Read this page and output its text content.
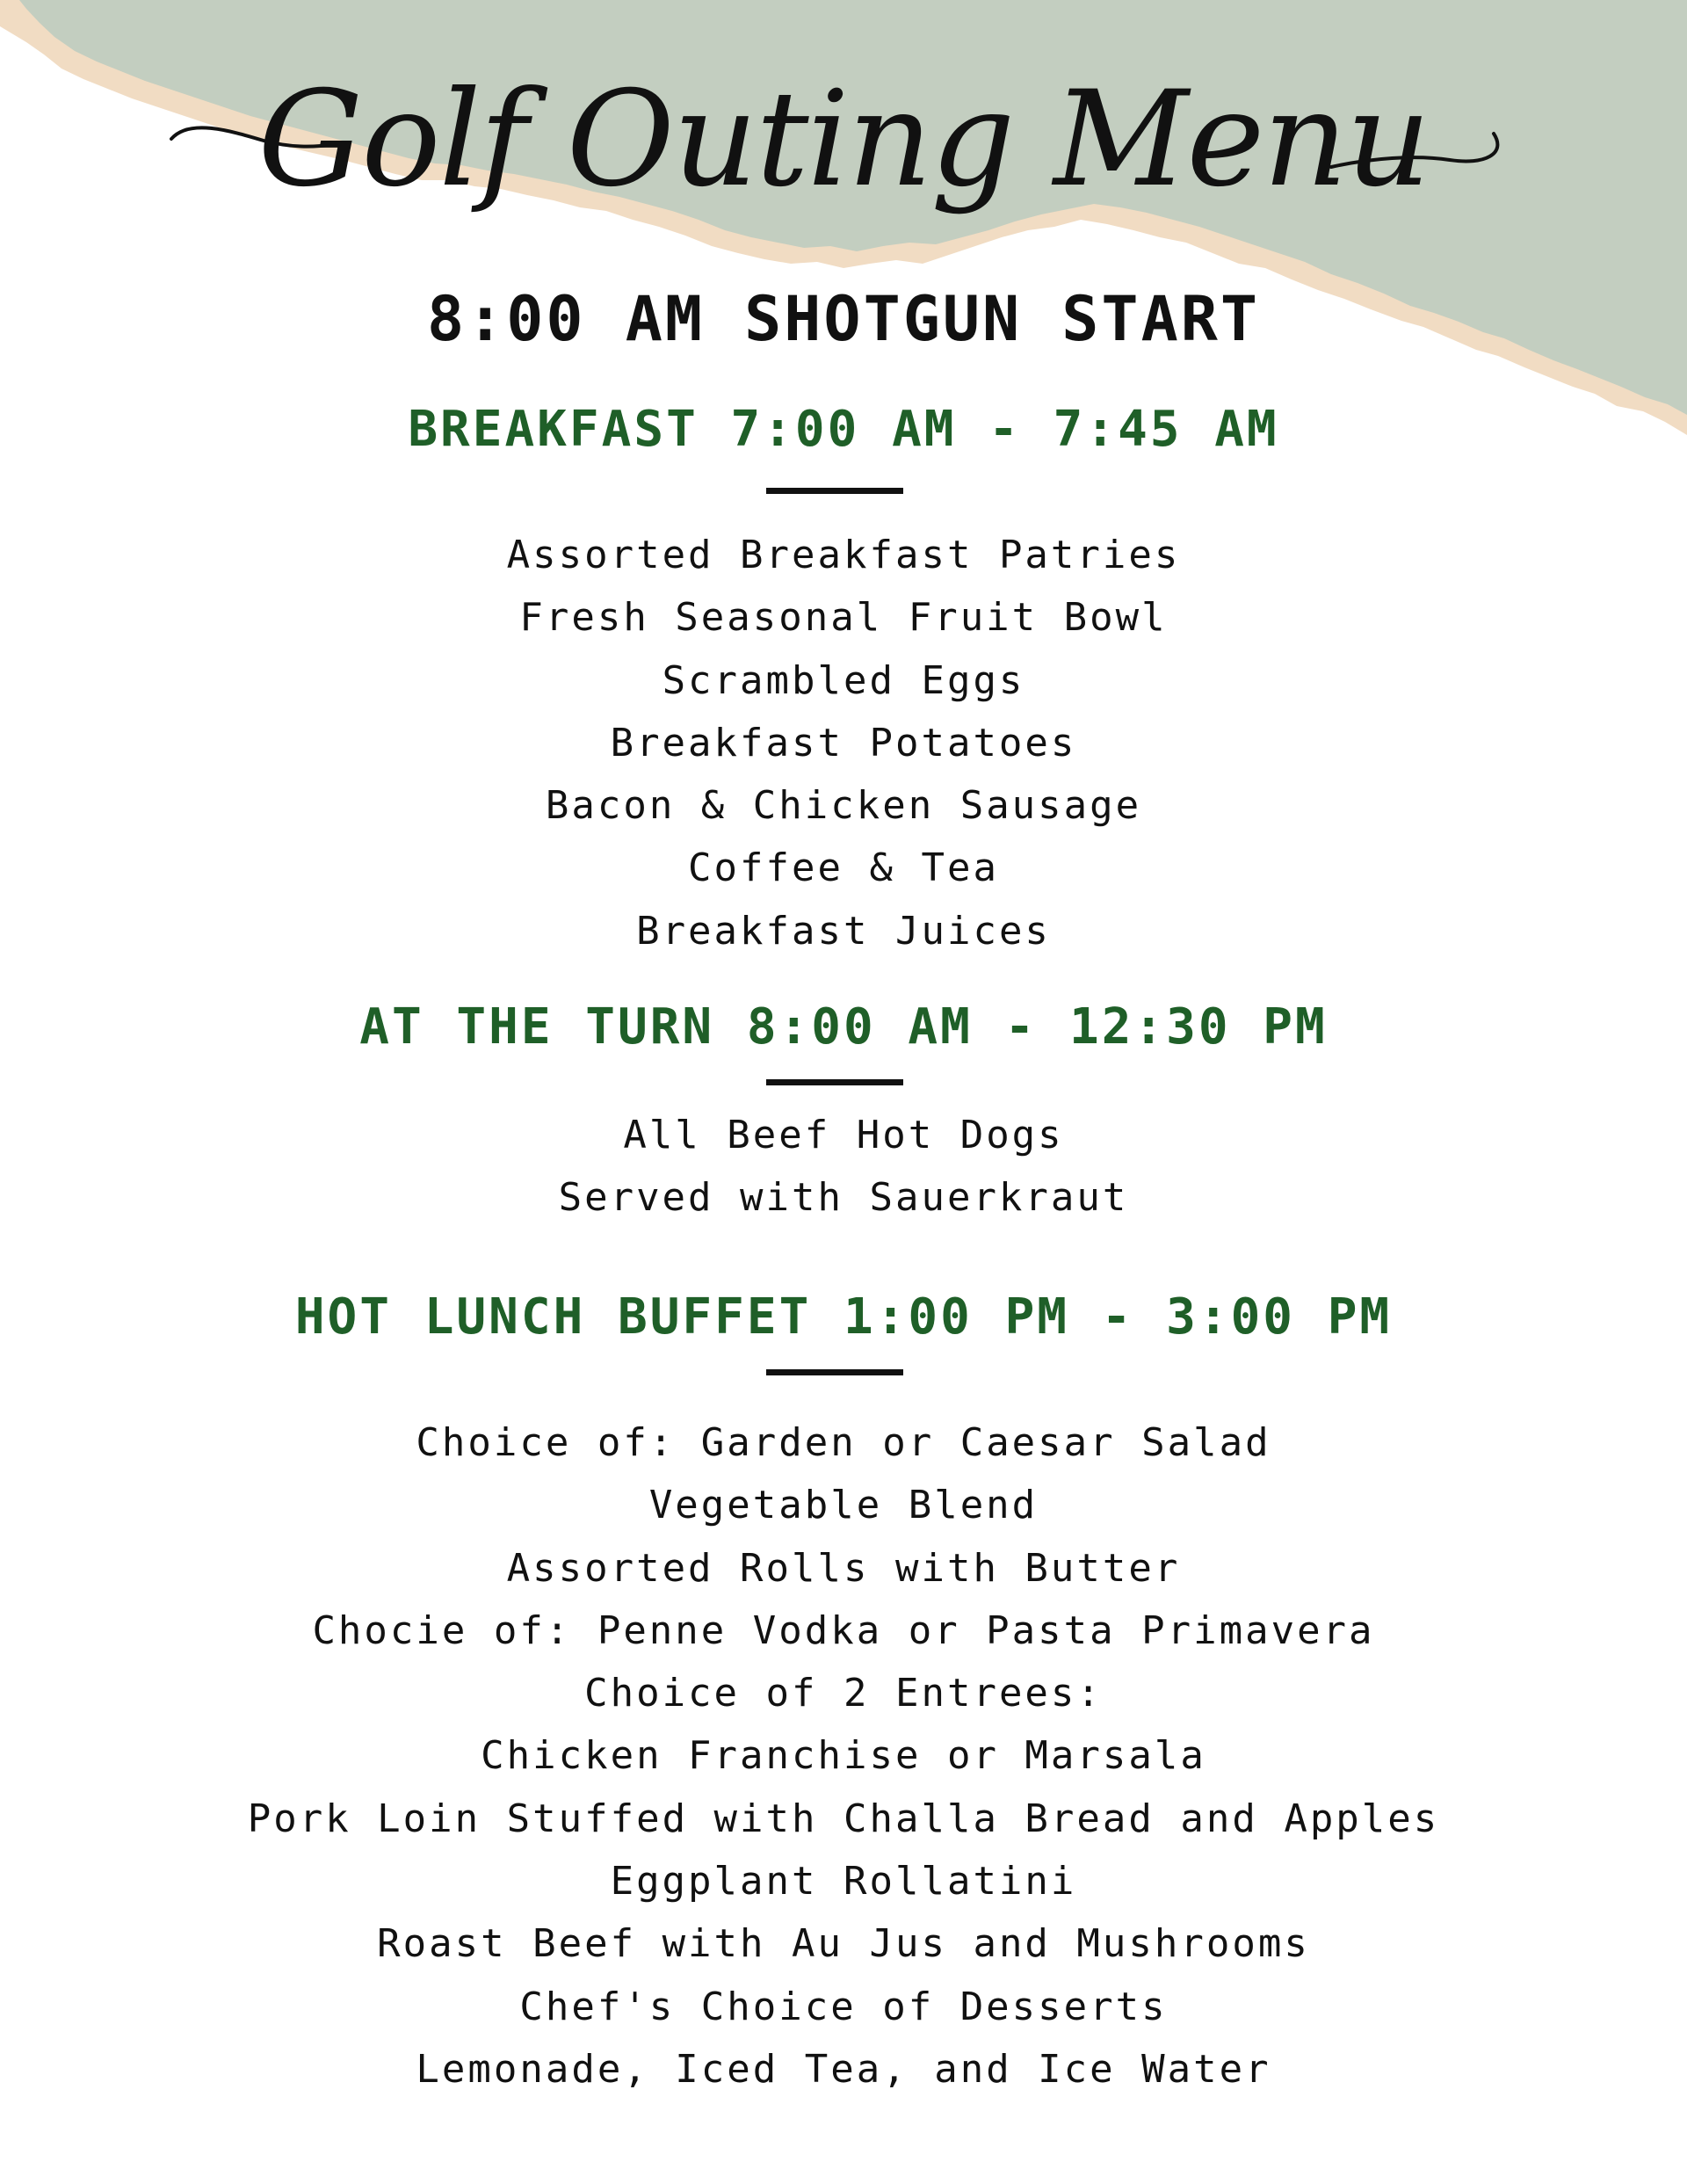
Golf Outing Menu
8:00 AM SHOTGUN START
BREAKFAST 7:00 AM - 7:45 AM
Assorted Breakfast Patries
Fresh Seasonal Fruit Bowl
Scrambled Eggs
Breakfast Potatoes
Bacon & Chicken Sausage
Coffee & Tea
Breakfast Juices
AT THE TURN 8:00 AM - 12:30 PM
All Beef Hot Dogs
Served with Sauerkraut
HOT LUNCH BUFFET 1:00 PM - 3:00 PM
Choice of: Garden or Caesar Salad
Vegetable Blend
Assorted Rolls with Butter
Chocie of: Penne Vodka or Pasta Primavera
Choice of 2 Entrees:
Chicken Franchise or Marsala
Pork Loin Stuffed with Challa Bread and Apples
Eggplant Rollatini
Roast Beef with Au Jus and Mushrooms
Chef's Choice of Desserts
Lemonade, Iced Tea, and Ice Water
